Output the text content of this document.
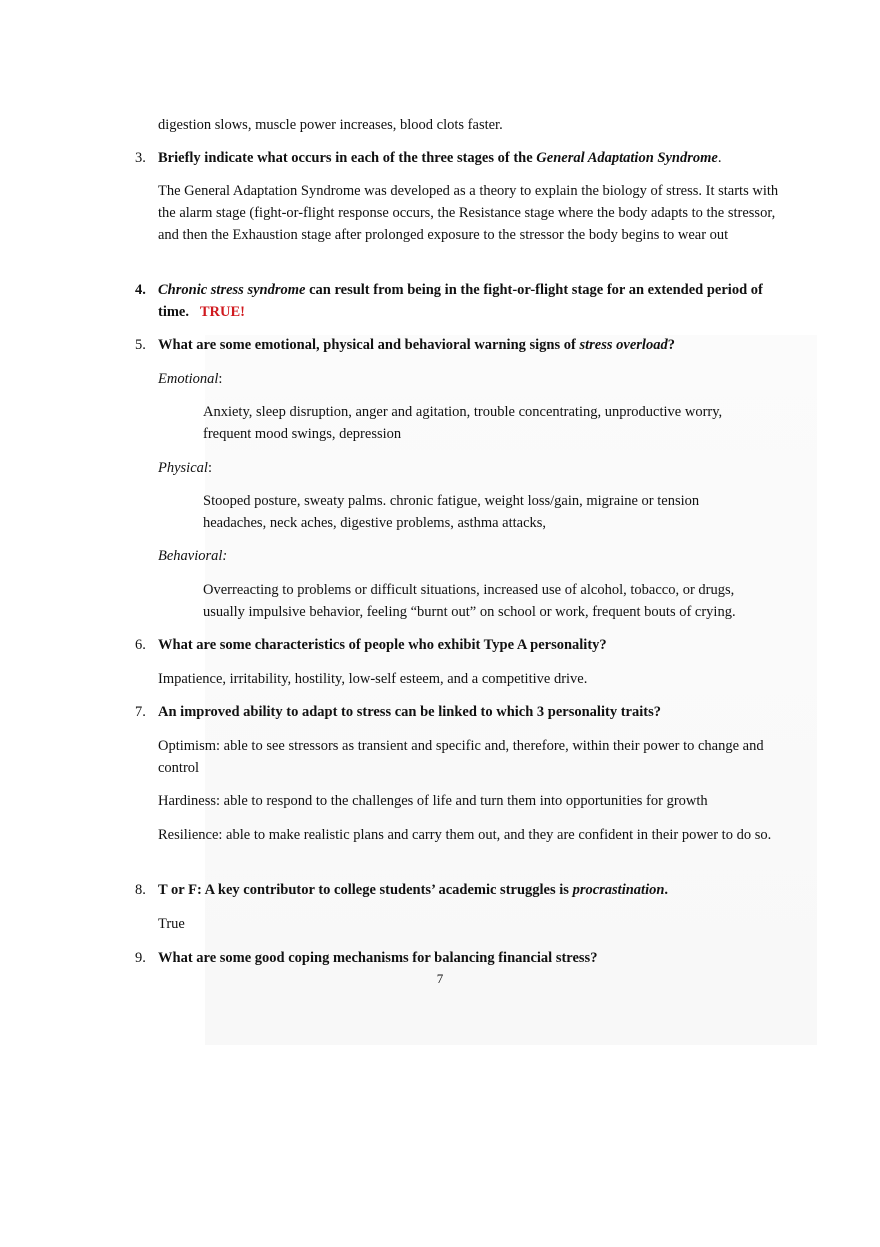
digestion slows, muscle power increases, blood clots faster.

3. Briefly indicate what occurs in each of the three stages of the General Adaptation Syndrome.

The General Adaptation Syndrome was developed as a theory to explain the biology of stress. It starts with the alarm stage (fight-or-flight response occurs, the Resistance stage where the body adapts to the stressor, and then the Exhaustion stage after prolonged exposure to the stressor the body begins to wear out

4. Chronic stress syndrome can result from being in the fight-or-flight stage for an extended period of time. TRUE!
5. What are some emotional, physical and behavioral warning signs of stress overload?

Emotional:

Anxiety, sleep disruption, anger and agitation, trouble concentrating, unproductive worry, frequent mood swings, depression

Physical:

Stooped posture, sweaty palms. chronic fatigue, weight loss/gain, migraine or tension headaches, neck aches, digestive problems, asthma attacks,

Behavioral:

Overreacting to problems or difficult situations, increased use of alcohol, tobacco, or drugs, usually impulsive behavior, feeling “burnt out” on school or work, frequent bouts of crying.

6. What are some characteristics of people who exhibit Type A personality?

Impatience, irritability, hostility, low-self esteem, and a competitive drive.

7. An improved ability to adapt to stress can be linked to which 3 personality traits?

Optimism: able to see stressors as transient and specific and, therefore, within their power to change and control

Hardiness: able to respond to the challenges of life and turn them into opportunities for growth

Resilience: able to make realistic plans and carry them out, and they are confident in their power to do so.

8. T or F: A key contributor to college students’ academic struggles is procrastination.

True

9. What are some good coping mechanisms for balancing financial stress?
7
